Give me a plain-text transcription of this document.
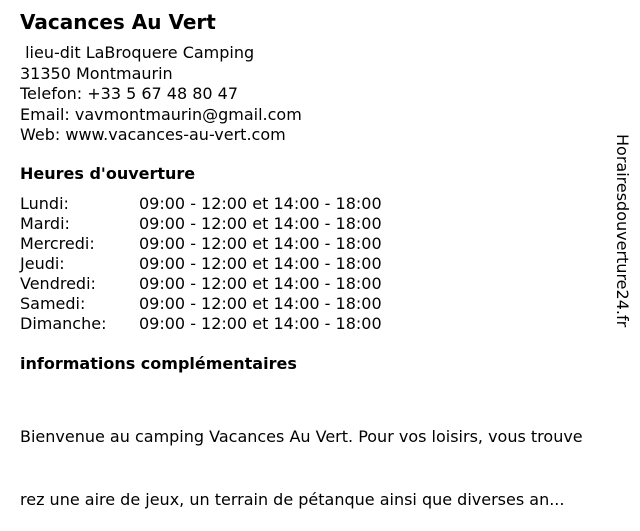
Vacances Au Vert
lieu-dit LaBroquere Camping
31350 Montmaurin
Telefon: +33 5 67 48 80 47
Email: vavmontmaurin@gmail.com
Web: www.vacances-au-vert.com
Heures d'ouverture
Lundi:	09:00 - 12:00 et 14:00 - 18:00
Mardi:	09:00 - 12:00 et 14:00 - 18:00
Mercredi:	09:00 - 12:00 et 14:00 - 18:00
Jeudi:	09:00 - 12:00 et 14:00 - 18:00
Vendredi:	09:00 - 12:00 et 14:00 - 18:00
Samedi:	09:00 - 12:00 et 14:00 - 18:00
Dimanche: 09:00 - 12:00 et 14:00 - 18:00

Bienvenue au camping Vacances Au Vert. Pour vos loisirs, vous trouve

rez une aire de jeux, un terrain de pétanque ainsi que diverses an...

informations complémentaires
Horairesdouverture24.fr
